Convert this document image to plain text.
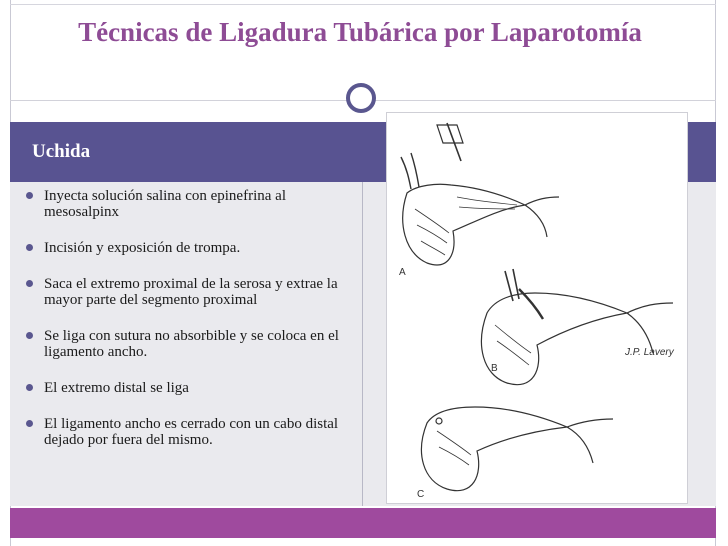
Técnicas de Ligadura Tubárica por Laparotomía
Uchida
Inyecta solución salina con epinefrina al mesosalpinx
Incisión y exposición de trompa.
Saca el extremo proximal de la serosa y extrae la mayor parte del segmento proximal
Se liga con sutura no absorbible y se coloca en el ligamento ancho.
El extremo distal se liga
El ligamento ancho es cerrado con un cabo distal dejado por fuera del mismo.
A
B
C
J.P. Lavery
